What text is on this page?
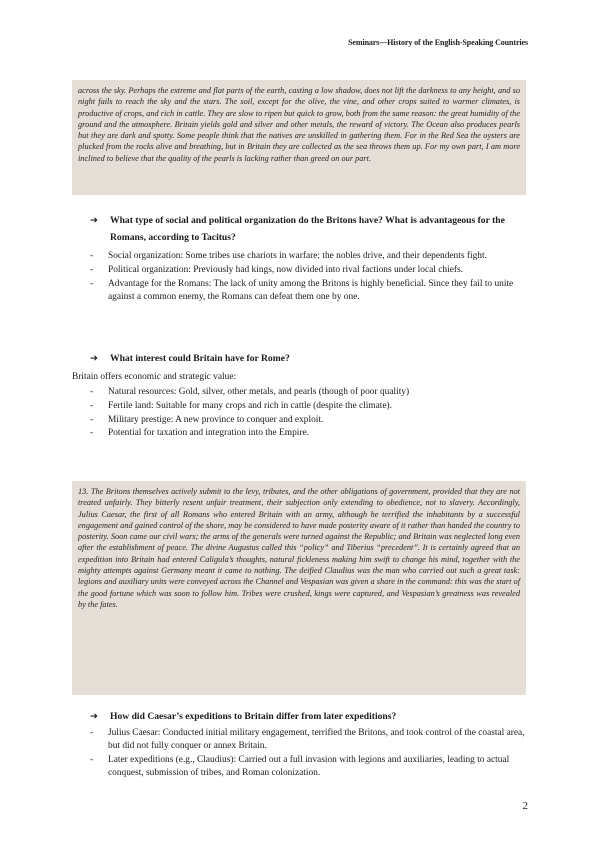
Seminars—History of the English-Speaking Countries
across the sky. Perhaps the extreme and flat parts of the earth, casting a low shadow, does not lift the darkness to any height, and so night fails to reach the sky and the stars. The soil, except for the olive, the vine, and other crops suited to warmer climates, is productive of crops, and rich in cattle. They are slow to ripen but quick to grow, both from the same reason: the great humidity of the ground and the atmosphere. Britain yields gold and silver and other metals, the reward of victory. The Ocean also produces pearls but they are dark and spotty. Some people think that the natives are unskilled in gathering them. For in the Red Sea the oysters are plucked from the rocks alive and breathing, but in Britain they are collected as the sea throws them up. For my own part, I am more inclined to believe that the quality of the pearls is lacking rather than greed on our part.
➔	What type of social and political organization do the Britons have? What is advantageous for the Romans, according to Tacitus?
- Social organization: Some tribes use chariots in warfare; the nobles drive, and their dependents fight.
- Political organization: Previously had kings, now divided into rival factions under local chiefs.
- Advantage for the Romans: The lack of unity among the Britons is highly beneficial. Since they fail to unite against a common enemy, the Romans can defeat them one by one.
➔	What interest could Britain have for Rome?
Britain offers economic and strategic value:
- Natural resources: Gold, silver, other metals, and pearls (though of poor quality)
- Fertile land: Suitable for many crops and rich in cattle (despite the climate).
- Military prestige: A new province to conquer and exploit.
- Potential for taxation and integration into the Empire.
13. The Britons themselves actively submit to the levy, tributes, and the other obligations of government, provided that they are not treated unfairly. They bitterly resent unfair treatment, their subjection only extending to obedience, not to slavery. Accordingly, Julius Caesar, the first of all Romans who entered Britain with an army, although he terrified the inhabitants by a successful engagement and gained control of the shore, may be considered to have made posterity aware of it rather than handed the country to posterity. Soon came our civil wars; the arms of the generals were turned against the Republic; and Britain was neglected long even after the establishment of peace. The divine Augustus called this “policy” and Tiberius “precedent”. It is certainly agreed that an expedition into Britain had entered Caligula’s thoughts, natural fickleness making him swift to change his mind, together with the mighty attempts against Germany meant it came to nothing. The deified Claudius was the man who carried out such a great task: legions and auxiliary units were conveyed across the Channel and Vespasian was given a share in the command: this was the start of the good fortune which was soon to follow him. Tribes were crushed, kings were captured, and Vespasian’s greatness was revealed by the fates.
➔	How did Caesar’s expeditions to Britain differ from later expeditions?
- Julius Caesar: Conducted initial military engagement, terrified the Britons, and took control of the coastal area, but did not fully conquer or annex Britain.
- Later expeditions (e.g., Claudius): Carried out a full invasion with legions and auxiliaries, leading to actual conquest, submission of tribes, and Roman colonization.
2
